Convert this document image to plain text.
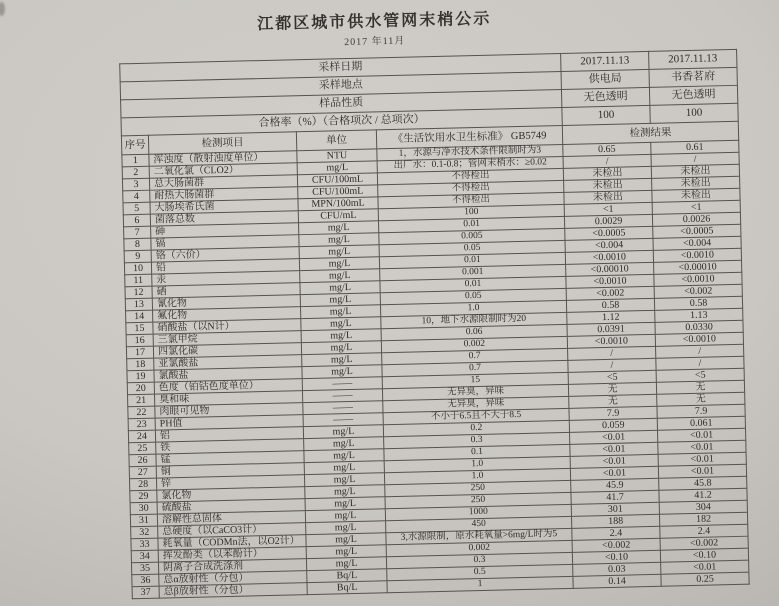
江都区城市供水管网末梢公示
2017 年11月
采样日期				2017.11.13	2017.11.13
采样地点				供电局	书香茗府
样品性质				无色透明	无色透明
合格率（%）（合格项次 / 总项次）				100	100
序号	检测项目	单位	《生活饮用水卫生标准》 GB5749	检测结果	
1	浑浊度（散射浊度单位）	NTU	1，水源与净水技术条件限制时为3	0.65	0.61
2	二氧化氯（CLO2）	mg/L	出厂水：0.1-0.8；管网末梢水：≥0.02	/	/
3	总大肠菌群	CFU/100mL	不得检出	未检出	未检出
4	耐热大肠菌群	CFU/100mL	不得检出	未检出	未检出
5	大肠埃希氏菌	MPN/100mL	不得检出	未检出	未检出
6	菌落总数	CFU/mL	100	<1	<1
7	砷	mg/L	0.01	0.0029	0.0026
8	镉	mg/L	0.005	<0.0005	<0.0005
9	铬（六价）	mg/L	0.05	<0.004	<0.004
10	铅	mg/L	0.01	<0.0010	<0.0010
11	汞	mg/L	0.001	<0.00010	<0.00010
12	硒	mg/L	0.01	<0.0010	<0.0010
13	氰化物	mg/L	0.05	<0.002	<0.002
14	氟化物	mg/L	1.0	0.58	0.58
15	硝酸盐（以N计）	mg/L	10，地下水源限制时为20	1.12	1.13
16	三氯甲烷	mg/L	0.06	0.0391	0.0330
17	四氯化碳	mg/L	0.002	<0.0010	<0.0010
18	亚氯酸盐	mg/L	0.7	/	/
19	氯酸盐	mg/L	0.7	/	/
20	色度（铂钴色度单位）	——	15	<5	<5
21	臭和味	——	无异臭，异味	无	无
22	肉眼可见物	——	无异臭，异味	无	无
23	PH值	——	不小于6.5且不大于8.5	7.9	7.9
24	铝	mg/L	0.2	0.059	0.061
25	铁	mg/L	0.3	<0.01	<0.01
26	锰	mg/L	0.1	<0.01	<0.01
27	铜	mg/L	1.0	<0.01	<0.01
28	锌	mg/L	1.0	<0.01	<0.01
29	氯化物	mg/L	250	45.9	45.8
30	硫酸盐	mg/L	250	41.7	41.2
31	溶解性总固体	mg/L	1000	301	304
32	总硬度（以CaCO3计）	mg/L	450	188	182
33	耗氧量（CODMn法，以O2计）	mg/L	3,水源限制，原水耗氧量>6mg/L时为5	2.4	2.4
34	挥发酚类（以苯酚计）	mg/L	0.002	<0.002	<0.002
35	阴离子合成洗涤剂	mg/L	0.3	<0.10	<0.10
36	总α放射性（分包）	Bq/L	0.5	0.03	<0.01
37	总β放射性（分包）	Bq/L	1	0.14	0.25
